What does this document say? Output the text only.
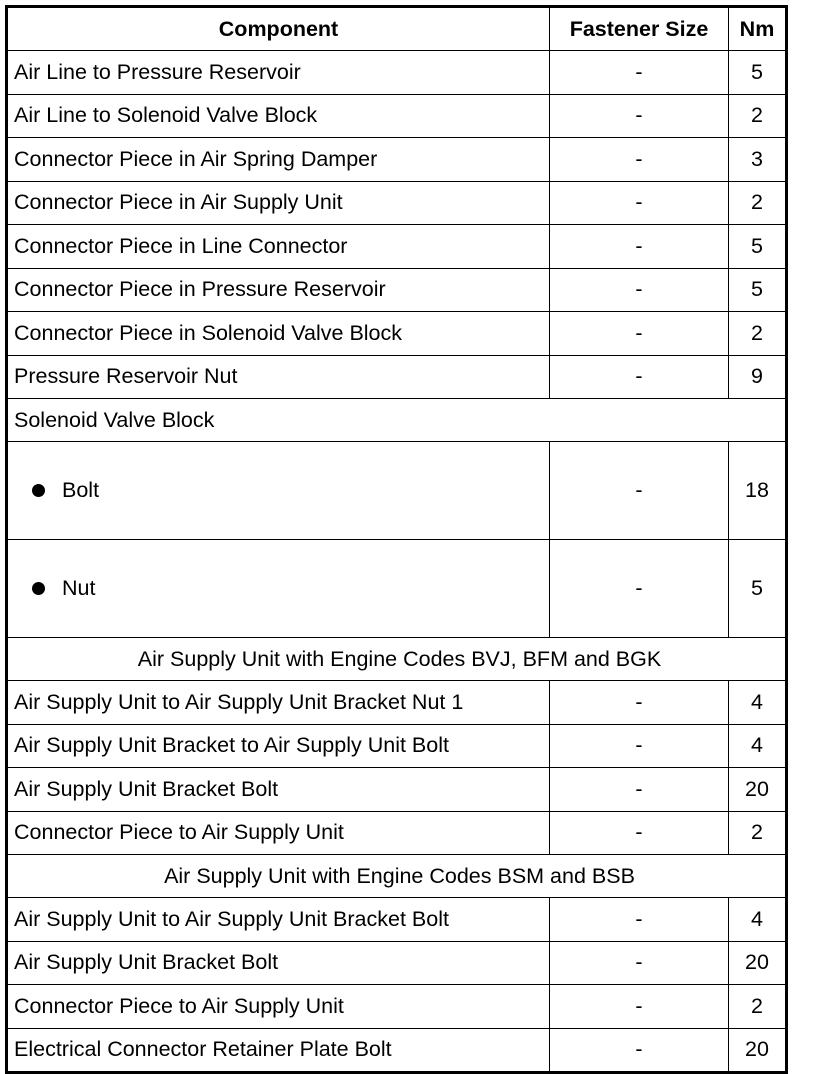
Component	Fastener Size	Nm
Air Line to Pressure Reservoir	-	5
Air Line to Solenoid Valve Block	-	2
Connector Piece in Air Spring Damper	-	3
Connector Piece in Air Supply Unit	-	2
Connector Piece in Line Connector	-	5
Connector Piece in Pressure Reservoir	-	5
Connector Piece in Solenoid Valve Block	-	2
Pressure Reservoir Nut	-	9
Solenoid Valve Block		

Bolt	-	18

Nut	-	5
Air Supply Unit with Engine Codes BVJ, BFM and BGK		
Air Supply Unit to Air Supply Unit Bracket Nut 1	-	4
Air Supply Unit Bracket to Air Supply Unit Bolt	-	4
Air Supply Unit Bracket Bolt	-	20
Connector Piece to Air Supply Unit	-	2
Air Supply Unit with Engine Codes BSM and BSB		
Air Supply Unit to Air Supply Unit Bracket Bolt	-	4
Air Supply Unit Bracket Bolt	-	20
Connector Piece to Air Supply Unit	-	2
Electrical Connector Retainer Plate Bolt	-	20
